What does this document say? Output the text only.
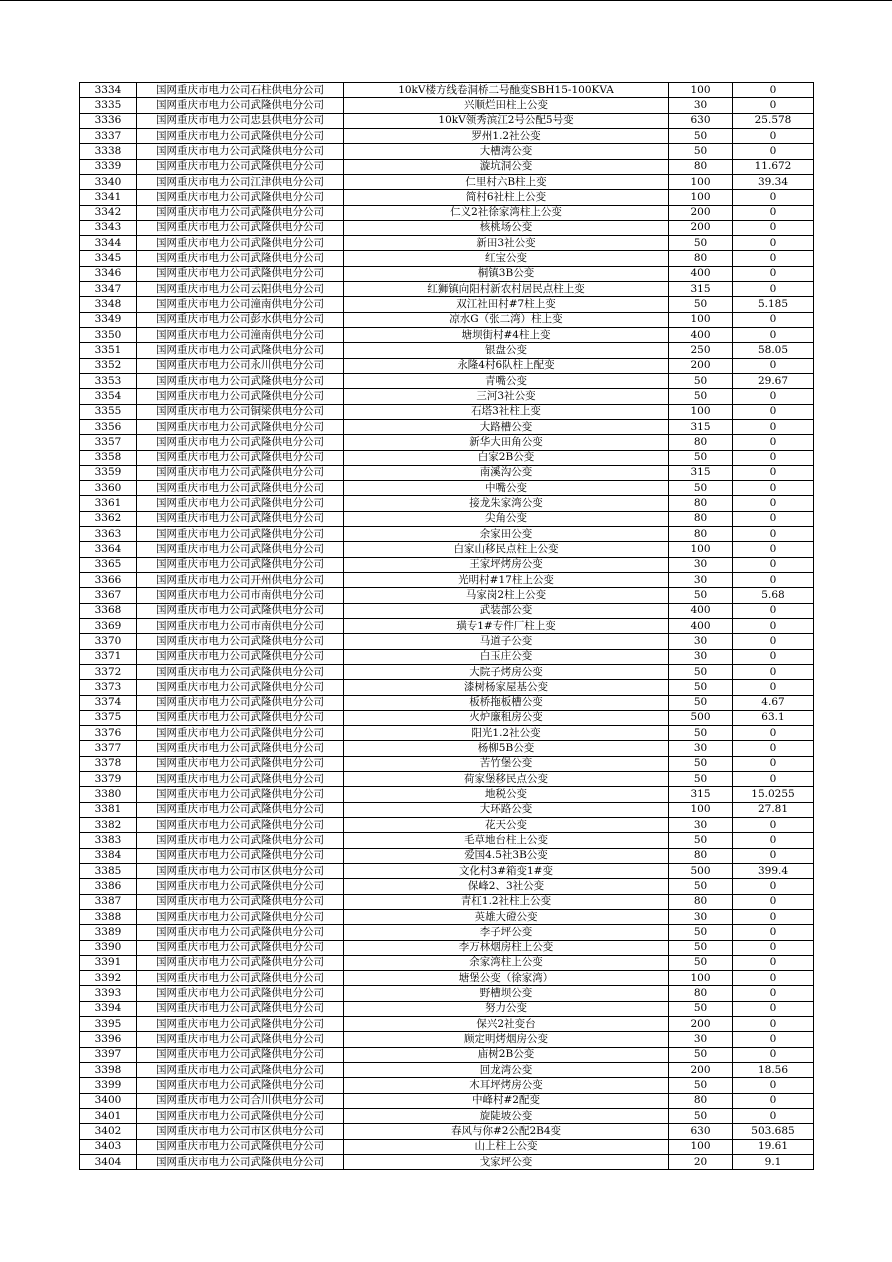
3334	国网重庆市电力公司石柱供电分公司	10kV楼方线卷洞桥二号酏变SBH15-100KVA	100	0
3335	国网重庆市电力公司武隆供电分公司	兴顺烂田柱上公变	30	0
3336	国网重庆市电力公司忠县供电分公司	10kV领秀滨江2号公配5号变	630	25.578
3337	国网重庆市电力公司武隆供电分公司	罗州1.2社公变	50	0
3338	国网重庆市电力公司武隆供电分公司	大槽湾公变	50	0
3339	国网重庆市电力公司武隆供电分公司	漩坑洞公变	80	11.672
3340	国网重庆市电力公司江津供电分公司	仁里村六B柱上变	100	39.34
3341	国网重庆市电力公司武隆供电分公司	简村6社柱上公变	100	0
3342	国网重庆市电力公司武隆供电分公司	仁义2社徐家湾柱上公变	200	0
3343	国网重庆市电力公司武隆供电分公司	核桃场公变	200	0
3344	国网重庆市电力公司武隆供电分公司	新田3社公变	50	0
3345	国网重庆市电力公司武隆供电分公司	红宝公变	80	0
3346	国网重庆市电力公司武隆供电分公司	桐镇3B公变	400	0
3347	国网重庆市电力公司云阳供电分公司	红狮镇向阳村新农村居民点柱上变	315	0
3348	国网重庆市电力公司潼南供电分公司	双江社田村#7柱上变	50	5.185
3349	国网重庆市电力公司彭水供电分公司	凉水G（张二湾）柱上变	100	0
3350	国网重庆市电力公司潼南供电分公司	塘坝街村#4柱上变	400	0
3351	国网重庆市电力公司武隆供电分公司	银盘公变	250	58.05
3352	国网重庆市电力公司永川供电分公司	永隆4村6队柱上配变	200	0
3353	国网重庆市电力公司武隆供电分公司	青嘴公变	50	29.67
3354	国网重庆市电力公司武隆供电分公司	三河3社公变	50	0
3355	国网重庆市电力公司铜梁供电分公司	石塔3社柱上变	100	0
3356	国网重庆市电力公司武隆供电分公司	大路槽公变	315	0
3357	国网重庆市电力公司武隆供电分公司	新华大田角公变	80	0
3358	国网重庆市电力公司武隆供电分公司	白家2B公变	50	0
3359	国网重庆市电力公司武隆供电分公司	南溪沟公变	315	0
3360	国网重庆市电力公司武隆供电分公司	中嘴公变	50	0
3361	国网重庆市电力公司武隆供电分公司	接龙朱家湾公变	80	0
3362	国网重庆市电力公司武隆供电分公司	尖角公变	80	0
3363	国网重庆市电力公司武隆供电分公司	余家田公变	80	0
3364	国网重庆市电力公司武隆供电分公司	白家山移民点柱上公变	100	0
3365	国网重庆市电力公司武隆供电分公司	王家坪烤房公变	30	0
3366	国网重庆市电力公司开州供电分公司	光明村#17柱上公变	30	0
3367	国网重庆市电力公司市南供电分公司	马家岗2柱上公变	50	5.68
3368	国网重庆市电力公司武隆供电分公司	武装部公变	400	0
3369	国网重庆市电力公司市南供电分公司	璜专1#专件厂柱上变	400	0
3370	国网重庆市电力公司武隆供电分公司	马道子公变	30	0
3371	国网重庆市电力公司武隆供电分公司	白玉庄公变	30	0
3372	国网重庆市电力公司武隆供电分公司	大院子烤房公变	50	0
3373	国网重庆市电力公司武隆供电分公司	漆树杨家屋基公变	50	0
3374	国网重庆市电力公司武隆供电分公司	板桥拖板槽公变	50	4.67
3375	国网重庆市电力公司武隆供电分公司	火炉廉租房公变	500	63.1
3376	国网重庆市电力公司武隆供电分公司	阳光1.2社公变	50	0
3377	国网重庆市电力公司武隆供电分公司	杨柳5B公变	30	0
3378	国网重庆市电力公司武隆供电分公司	苦竹堡公变	50	0
3379	国网重庆市电力公司武隆供电分公司	荷家堡移民点公变	50	0
3380	国网重庆市电力公司武隆供电分公司	地税公变	315	15.0255
3381	国网重庆市电力公司武隆供电分公司	大环路公变	100	27.81
3382	国网重庆市电力公司武隆供电分公司	花天公变	30	0
3383	国网重庆市电力公司武隆供电分公司	毛草地台柱上公变	50	0
3384	国网重庆市电力公司武隆供电分公司	爱国4.5社3B公变	80	0
3385	国网重庆市电力公司市区供电分公司	文化村3#箱变1#变	500	399.4
3386	国网重庆市电力公司武隆供电分公司	保峰2、3社公变	50	0
3387	国网重庆市电力公司武隆供电分公司	青杠1.2社柱上公变	80	0
3388	国网重庆市电力公司武隆供电分公司	英雄大磴公变	30	0
3389	国网重庆市电力公司武隆供电分公司	李子坪公变	50	0
3390	国网重庆市电力公司武隆供电分公司	李万林烟房柱上公变	50	0
3391	国网重庆市电力公司武隆供电分公司	余家湾柱上公变	50	0
3392	国网重庆市电力公司武隆供电分公司	塘堡公变（徐家湾）	100	0
3393	国网重庆市电力公司武隆供电分公司	野槽坝公变	80	0
3394	国网重庆市电力公司武隆供电分公司	努力公变	50	0
3395	国网重庆市电力公司武隆供电分公司	保兴2社变台	200	0
3396	国网重庆市电力公司武隆供电分公司	顾定明烤烟房公变	30	0
3397	国网重庆市电力公司武隆供电分公司	庙树2B公变	50	0
3398	国网重庆市电力公司武隆供电分公司	回龙湾公变	200	18.56
3399	国网重庆市电力公司武隆供电分公司	木耳坪烤房公变	50	0
3400	国网重庆市电力公司合川供电分公司	中峰村#2配变	80	0
3401	国网重庆市电力公司武隆供电分公司	旋陡坡公变	50	0
3402	国网重庆市电力公司市区供电分公司	春风与你#2公配2B4变	630	503.685
3403	国网重庆市电力公司武隆供电分公司	山上柱上公变	100	19.61
3404	国网重庆市电力公司武隆供电分公司	戈家坪公变	20	9.1
